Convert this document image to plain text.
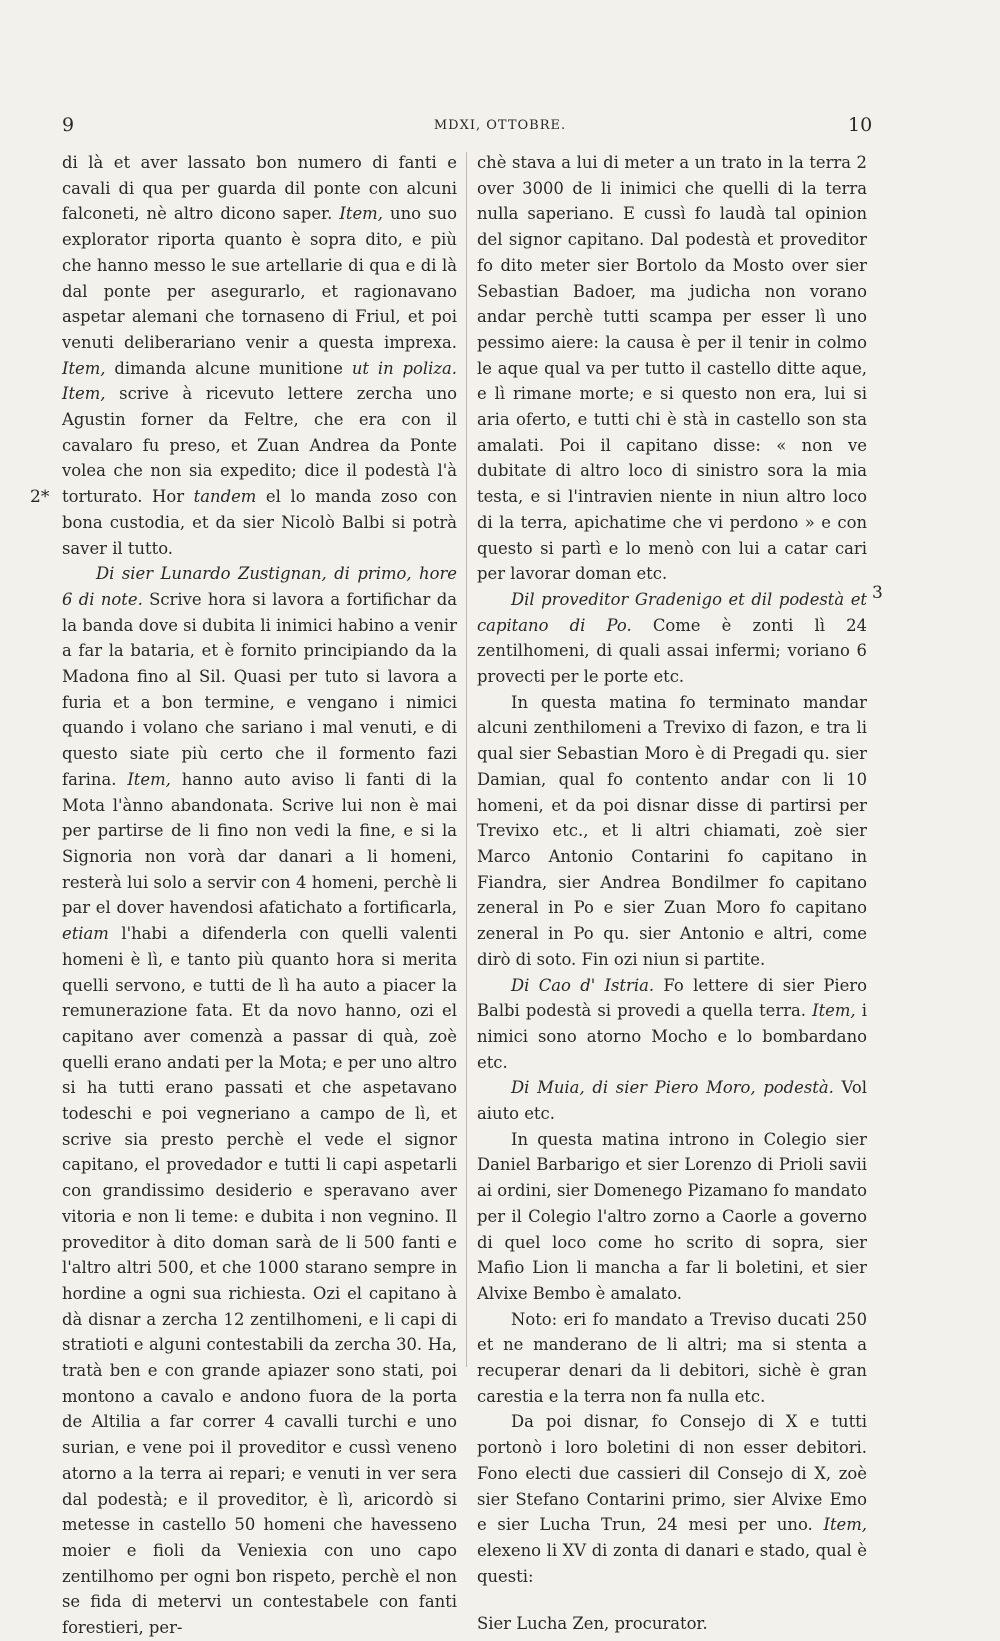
9	MDXI, OTTOBRE.	10
2*
3

di là et aver lassato bon numero di fanti e cavali di qua per guarda dil ponte con alcuni falconeti, nè altro dicono saper. Item, uno suo explorator riporta quanto è sopra dito, e più che hanno messo le sue artellarie di qua e di là dal ponte per asegurarlo, et ragionavano aspetar alemani che tornaseno di Friul, et poi venuti deliberariano venir a questa imprexa. Item, dimanda alcune munitione ut in poliza. Item, scrive à ricevuto lettere zercha uno Agustin forner da Feltre, che era con il cavalaro fu preso, et Zuan Andrea da Ponte volea che non sia expedito; dice il podestà l'à torturato. Hor tandem el lo manda zoso con bona custodia, et da sier Nicolò Balbi si potrà saver il tutto.

Di sier Lunardo Zustignan, di primo, hore 6 di note. Scrive hora si lavora a fortifichar da la banda dove si dubita li inimici habino a venir a far la bataria, et è fornito principiando da la Madona fino al Sil. Quasi per tuto si lavora a furia et a bon termine, e vengano i nimici quando i volano che sariano i mal venuti, e di questo siate più certo che il formento fazi farina. Item, hanno auto aviso li fanti di la Mota l'ànno abandonata. Scrive lui non è mai per partirse de li fino non vedi la fine, e si la Signoria non vorà dar danari a li homeni, resterà lui solo a servir con 4 homeni, perchè li par el dover havendosi afatichato a fortificarla, etiam l'habi a difenderla con quelli valenti homeni è lì, e tanto più quanto hora si merita quelli servono, e tutti de lì ha auto a piacer la remunerazione fata. Et da novo hanno, ozi el capitano aver comenzà a passar di quà, zoè quelli erano andati per la Mota; e per uno altro si ha tutti erano passati et che aspetavano todeschi e poi vegneriano a campo de lì, et scrive sia presto perchè el vede el signor capitano, el provedador e tutti li capi aspetarli con grandissimo desiderio e speravano aver vitoria e non li teme: e dubita i non vegnino. Il proveditor à dito doman sarà de li 500 fanti e l'altro altri 500, et che 1000 starano sempre in hordine a ogni sua richiesta. Ozi el capitano à dà disnar a zercha 12 zentilhomeni, e li capi di stratioti e alguni contestabili da zercha 30. Ha, tratà ben e con grande apiazer sono stati, poi montono a cavalo e andono fuora de la porta de Altilia a far correr 4 cavalli turchi e uno surian, e vene poi il proveditor e cussì veneno atorno a la terra ai repari; e venuti in ver sera dal podestà; e il proveditor, è lì, aricordò si metesse in castello 50 homeni che havesseno moier e fioli da Veniexia con uno capo zentilhomo per ogni bon rispeto, perchè el non se fida di metervi un contestabele con fanti forestieri, per-

chè stava a lui di meter a un trato in la terra 2 over 3000 de li inimici che quelli di la terra nulla saperiano. E cussì fo laudà tal opinion del signor capitano. Dal podestà et proveditor fo dito meter sier Bortolo da Mosto over sier Sebastian Badoer, ma judicha non vorano andar perchè tutti scampa per esser lì uno pessimo aiere: la causa è per il tenir in colmo le aque qual va per tutto il castello ditte aque, e lì rimane morte; e si questo non era, lui si aria oferto, e tutti chi è stà in castello son sta amalati. Poi il capitano disse: « non ve dubitate di altro loco di sinistro sora la mia testa, e si l'intravien niente in niun altro loco di la terra, apichatime che vi perdono » e con questo si partì e lo menò con lui a catar cari per lavorar doman etc.

Dil proveditor Gradenigo et dil podestà et capitano di Po. Come è zonti lì 24 zentilhomeni, di quali assai infermi; voriano 6 provecti per le porte etc.

In questa matina fo terminato mandar alcuni zenthilomeni a Trevixo di fazon, e tra li qual sier Sebastian Moro è di Pregadi qu. sier Damian, qual fo contento andar con li 10 homeni, et da poi disnar disse di partirsi per Trevixo etc., et li altri chiamati, zoè sier Marco Antonio Contarini fo capitano in Fiandra, sier Andrea Bondilmer fo capitano zeneral in Po e sier Zuan Moro fo capitano zeneral in Po qu. sier Antonio e altri, come dirò di soto. Fin ozi niun si partite.

Di Cao d' Istria. Fo lettere di sier Piero Balbi podestà si provedi a quella terra. Item, i nimici sono atorno Mocho e lo bombardano etc.

Di Muia, di sier Piero Moro, podestà. Vol aiuto etc.

In questa matina introno in Colegio sier Daniel Barbarigo et sier Lorenzo di Prioli savii ai ordini, sier Domenego Pizamano fo mandato per il Colegio l'altro zorno a Caorle a governo di quel loco come ho scrito di sopra, sier Mafio Lion li mancha a far li boletini, et sier Alvixe Bembo è amalato.

Noto: eri fo mandato a Treviso ducati 250 et ne manderano de li altri; ma si stenta a recuperar denari da li debitori, sichè è gran carestia e la terra non fa nulla etc.

Da poi disnar, fo Consejo di X e tutti portonò i loro boletini di non esser debitori. Fono electi due cassieri dil Consejo di X, zoè sier Stefano Contarini primo, sier Alvixe Emo e sier Lucha Trun, 24 mesi per uno. Item, elexeno li XV di zonta di danari e stado, qual è questi:

Sier Lucha Zen, procurator.
